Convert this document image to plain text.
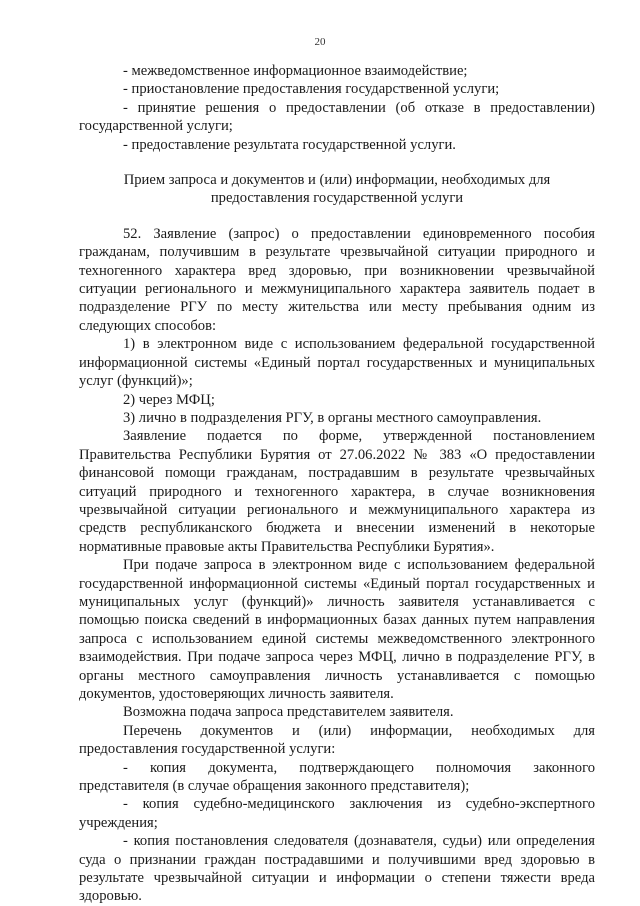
20

- межведомственное информационное взаимодействие;

- приостановление предоставления государственной услуги;

- принятие решения о предоставлении (об отказе в предоставлении) государственной услуги;

- предоставление результата государственной услуги.

Прием запроса и документов и (или) информации, необходимых для предоставления государственной услуги

52. Заявление (запрос) о предоставлении единовременного пособия гражданам, получившим в результате чрезвычайной ситуации природного и техногенного характера вред здоровью, при возникновении чрезвычайной ситуации регионального и межмуниципального характера заявитель подает в подразделение РГУ по месту жительства или месту пребывания одним из следующих способов:

1) в электронном виде с использованием федеральной государственной информационной системы «Единый портал государственных и муниципальных услуг (функций)»;

2) через МФЦ;

3) лично в подразделения РГУ, в органы местного самоуправления.

Заявление подается по форме, утвержденной постановлением Правительства Республики Бурятия от 27.06.2022 № 383 «О предоставлении финансовой помощи гражданам, пострадавшим в результате чрезвычайных ситуаций природного и техногенного характера, в случае возникновения чрезвычайной ситуации регионального и межмуниципального характера из средств республиканского бюджета и внесении изменений в некоторые нормативные правовые акты Правительства Республики Бурятия».

При подаче запроса в электронном виде с использованием федеральной государственной информационной системы «Единый портал государственных и муниципальных услуг (функций)» личность заявителя устанавливается с помощью поиска сведений в информационных базах данных путем направления запроса с использованием единой системы межведомственного электронного взаимодействия. При подаче запроса через МФЦ, лично в подразделение РГУ, в органы местного самоуправления личность устанавливается с помощью документов, удостоверяющих личность заявителя.

Возможна подача запроса представителем заявителя.

Перечень документов и (или) информации, необходимых для предоставления государственной услуги:

- копия документа, подтверждающего полномочия законного представителя (в случае обращения законного представителя);

- копия судебно-медицинского заключения из судебно-экспертного учреждения;

- копия постановления следователя (дознавателя, судьи) или определения суда о признании граждан пострадавшими и получившими вред здоровью в результате чрезвычайной ситуации и информации о степени тяжести вреда здоровью.
